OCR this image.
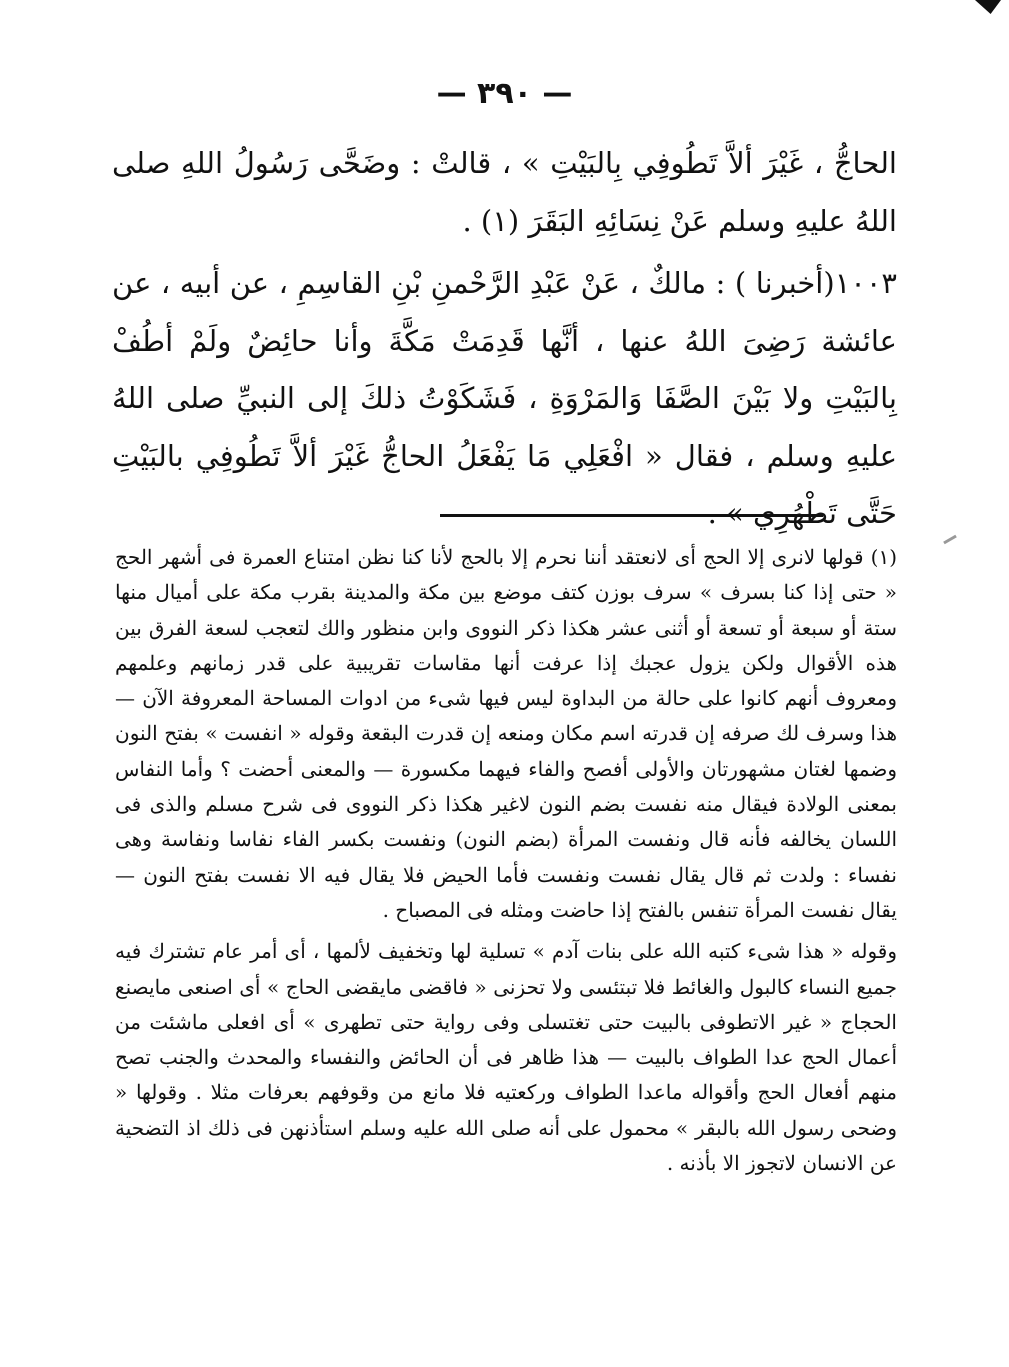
— ٣٩٠ —

الحاجُّ ، غَيْرَ ألاَّ تَطُوفِي بِالبَيْتِ » ، قالتْ : وضَحَّى رَسُولُ اللهِ صلى اللهُ عليهِ وسلم عَنْ نِسَائِهِ البَقَرَ (١) .

١٠٠٣(أخبرنا ) : مالكٌ ، عَنْ عَبْدِ الرَّحْمنِ بْنِ القاسِمِ ، عن أبيه ، عن عائشة رَضِىَ اللهُ عنها ، أنَّها قَدِمَتْ مَكَّةَ وأنا حائِضٌ ولَمْ أطُفْ بِالبَيْتِ ولا بَيْنَ الصَّفَا وَالمَرْوَةِ ، فَشَكَوْتُ ذلكَ إلى النبيِّ صلى اللهُ عليهِ وسلم ، فقال « افْعَلِي مَا يَفْعَلُ الحاجُّ غَيْرَ ألاَّ تَطُوفِي بالبَيْتِ حَتَّى تَطْهُرِي » .

(١) قولها لانرى إلا الحج أى لانعتقد أننا نحرم إلا بالحج لأنا كنا نظن امتناع العمرة فى أشهر الحج « حتى إذا كنا بسرف » سرف بوزن كتف موضع بين مكة والمدينة بقرب مكة على أميال منها ستة أو سبعة أو تسعة أو أثنى عشر هكذا ذكر النووى وابن منظور والك لتعجب لسعة الفرق بين هذه الأقوال ولكن يزول عجبك إذا عرفت أنها مقاسات تقريبية على قدر زمانهم وعلمهم ومعروف أنهم كانوا على حالة من البداوة ليس فيها شىء من ادوات المساحة المعروفة الآن — هذا وسرف لك صرفه إن قدرته اسم مكان ومنعه إن قدرت البقعة وقوله « انفست » بفتح النون وضمها لغتان مشهورتان والأولى أفصح والفاء فيهما مكسورة — والمعنى أحضت ؟ وأما النفاس بمعنى الولادة فيقال منه نفست بضم النون لاغير هكذا ذكر النووى فى شرح مسلم والذى فى اللسان يخالفه فأنه قال ونفست المرأة (بضم النون) ونفست بكسر الفاء نفاسا ونفاسة وهى نفساء : ولدت ثم قال يقال نفست ونفست فأما الحيض فلا يقال فيه الا نفست بفتح النون — يقال نفست المرأة تنفس بالفتح إذا حاضت ومثله فى المصباح .

وقوله « هذا شىء كتبه الله على بنات آدم » تسلية لها وتخفيف لألمها ، أى أمر عام تشترك فيه جميع النساء كالبول والغائط فلا تبتئسى ولا تحزنى « فاقضى مايقضى الحاج » أى اصنعى مايصنع الحجاج « غير الاتطوفى بالبيت حتى تغتسلى وفى رواية حتى تطهرى » أى افعلى ماشئت من أعمال الحج عدا الطواف بالبيت — هذا ظاهر فى أن الحائض والنفساء والمحدث والجنب تصح منهم أفعال الحج وأقواله ماعدا الطواف وركعتيه فلا مانع من وقوفهم بعرفات مثلا . وقولها « وضحى رسول الله بالبقر » محمول على أنه صلى الله عليه وسلم استأذنهن فى ذلك اذ التضحية عن الانسان لاتجوز الا بأذنه .
